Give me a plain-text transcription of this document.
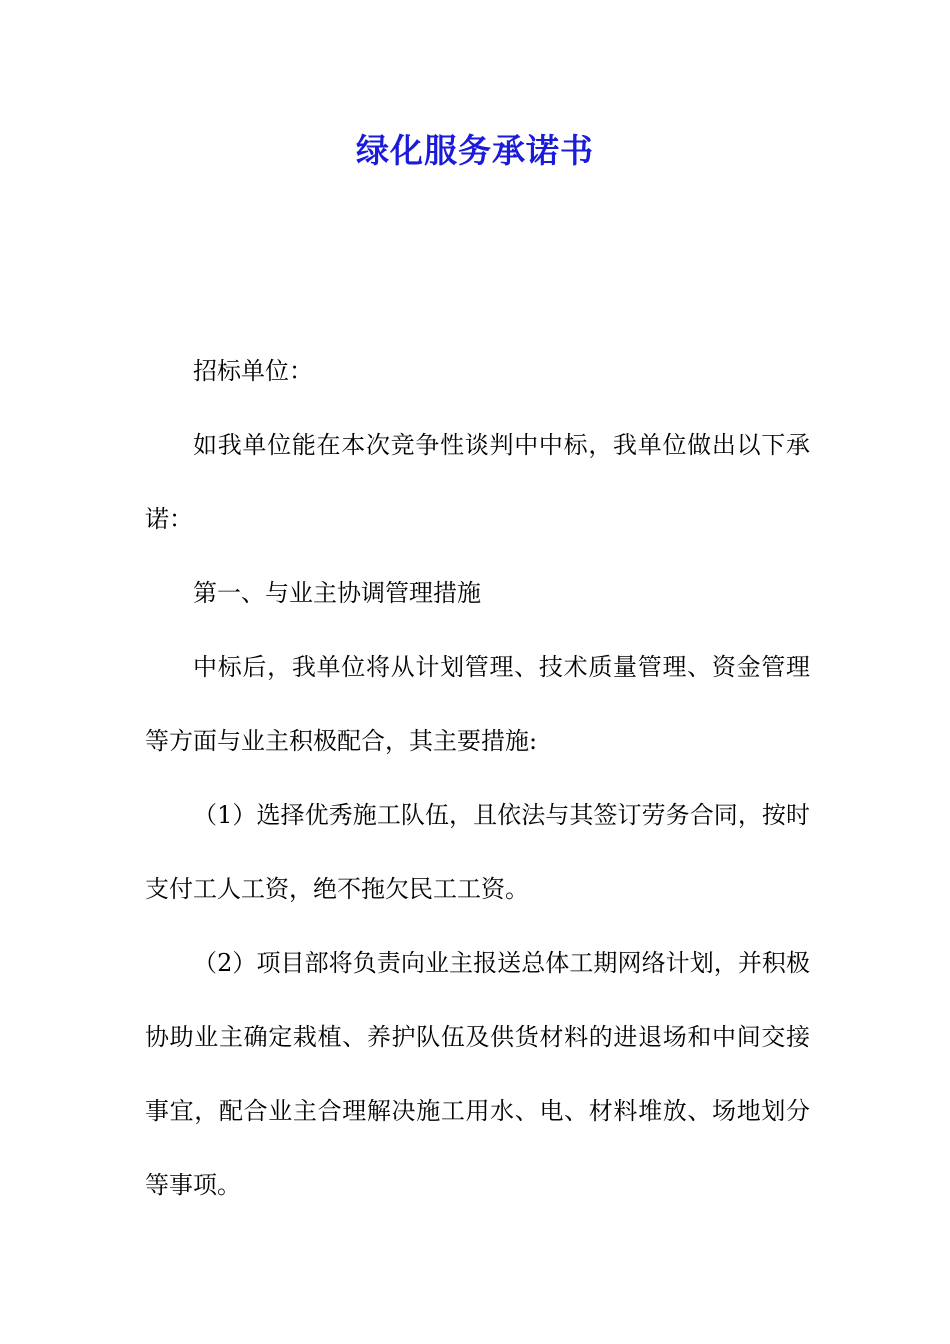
绿化服务承诺书

招标单位：

如我单位能在本次竞争性谈判中中标，我单位做出以下承诺：

第一、与业主协调管理措施

中标后，我单位将从计划管理、技术质量管理、资金管理等方面与业主积极配合，其主要措施:

（1）选择优秀施工队伍，且依法与其签订劳务合同，按时支付工人工资，绝不拖欠民工工资。

（2）项目部将负责向业主报送总体工期网络计划，并积极协助业主确定栽植、养护队伍及供货材料的进退场和中间交接事宜，配合业主合理解决施工用水、电、材料堆放、场地划分等事项。
